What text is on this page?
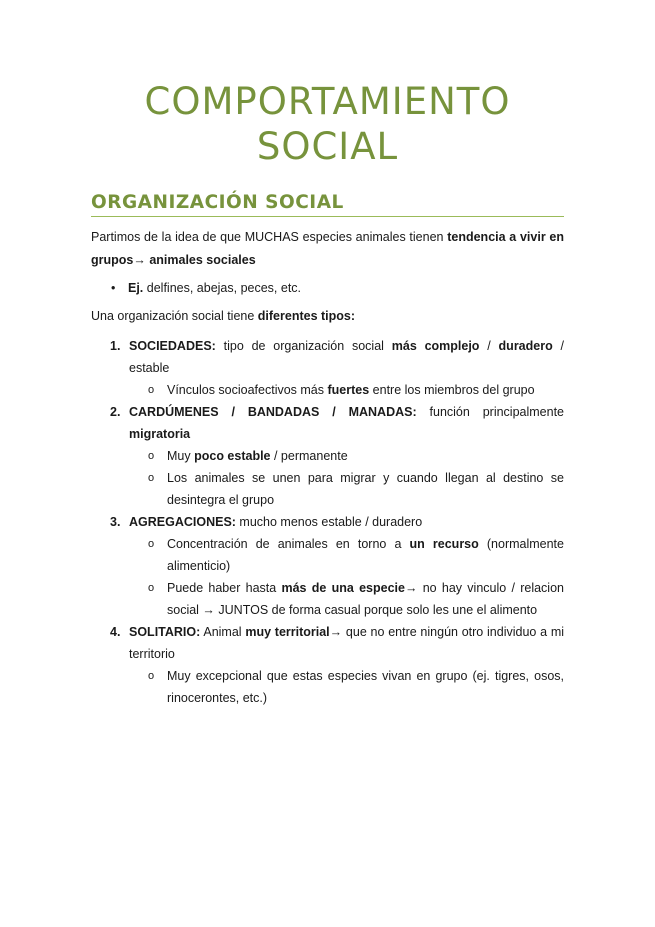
COMPORTAMIENTO
SOCIAL
ORGANIZACIÓN SOCIAL

Partimos de la idea de que MUCHAS especies animales tienen tendencia a vivir en grupos→ animales sociales

• Ej. delfines, abejas, peces, etc.

Una organización social tiene diferentes tipos:

1. SOCIEDADES: tipo de organización social más complejo / duradero / estable
o Vínculos socioafectivos más fuertes entre los miembros del grupo
2. CARDÚMENES / BANDADAS / MANADAS: función principalmente migratoria
o Muy poco estable / permanente
o Los animales se unen para migrar y cuando llegan al destino se desintegra el grupo
3. AGREGACIONES: mucho menos estable / duradero
o Concentración de animales en torno a un recurso (normalmente alimenticio)
o Puede haber hasta más de una especie→ no hay vinculo / relacion social → JUNTOS de forma casual porque solo les une el alimento
4. SOLITARIO: Animal muy territorial→ que no entre ningún otro individuo a mi territorio
o Muy excepcional que estas especies vivan en grupo (ej. tigres, osos, rinocerontes, etc.)
